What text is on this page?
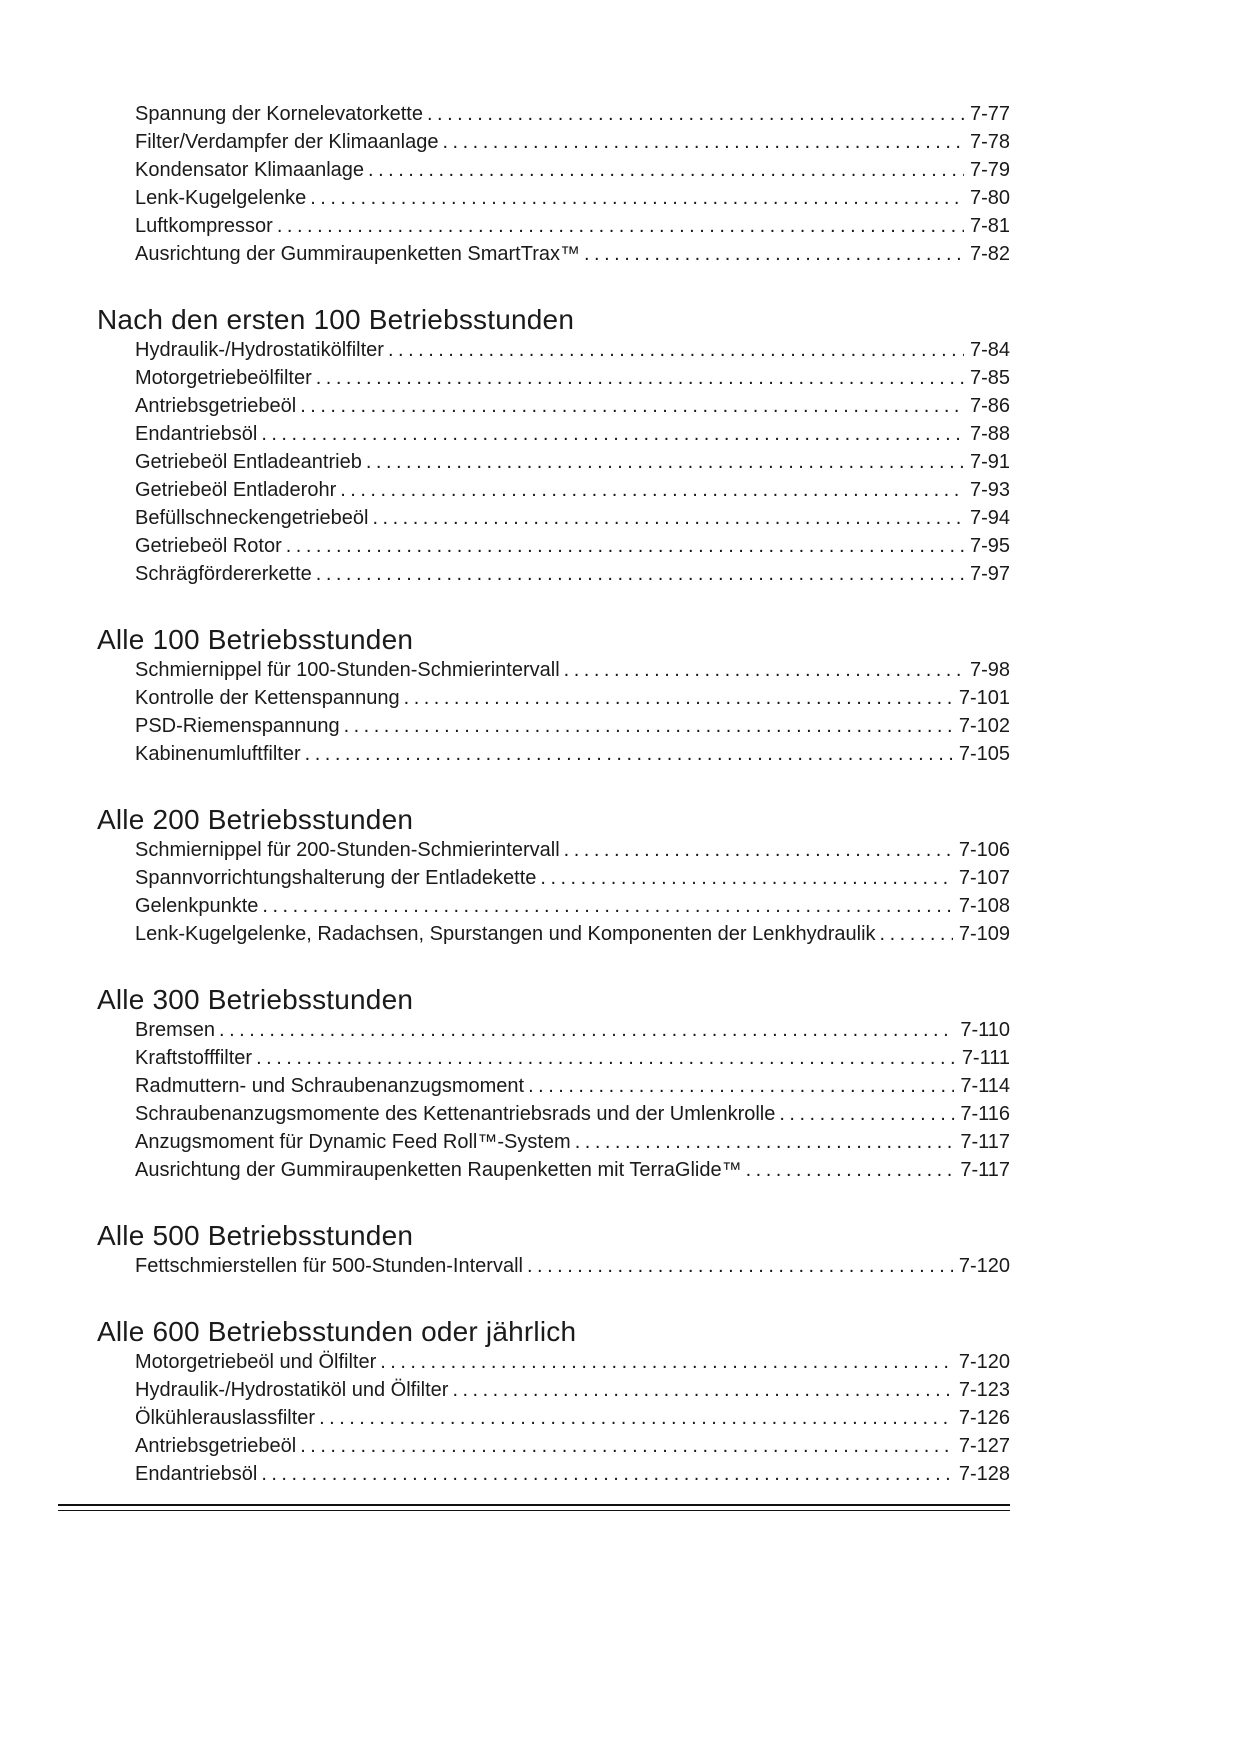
Spannung der Kornelevatorkette .....	7-77
Filter/Verdampfer der Klimaanlage .....	7-78
Kondensator Klimaanlage .....	7-79
Lenk-Kugelgelenke .....	7-80
Luftkompressor .....	7-81
Ausrichtung der Gummiraupenketten SmartTrax™ .....	7-82
Nach den ersten 100 Betriebsstunden
Hydraulik-/Hydrostatikölfilter .....	7-84
Motorgetriebeölfilter .....	7-85
Antriebsgetriebeöl .....	7-86
Endantriebsöl .....	7-88
Getriebeöl Entladeantrieb .....	7-91
Getriebeöl Entladerohr .....	7-93
Befüllschneckengetriebeöl .....	7-94
Getriebeöl Rotor .....	7-95
Schrägfördererkette .....	7-97
Alle 100 Betriebsstunden
Schmiernippel für 100-Stunden-Schmierintervall .....	7-98
Kontrolle der Kettenspannung .....	7-101
PSD-Riemenspannung .....	7-102
Kabinenumluftfilter .....	7-105
Alle 200 Betriebsstunden
Schmiernippel für 200-Stunden-Schmierintervall .....	7-106
Spannvorrichtungshalterung der Entladekette .....	7-107
Gelenkpunkte .....	7-108
Lenk-Kugelgelenke, Radachsen, Spurstangen und Komponenten der Lenkhydraulik .....	7-109
Alle 300 Betriebsstunden
Bremsen .....	7-110
Kraftstofffilter .....	7-111
Radmuttern- und Schraubenanzugsmoment .....	7-114
Schraubenanzugsmomente des Kettenantriebsrads und der Umlenkrolle .....	7-116
Anzugsmoment für Dynamic Feed Roll™-System .....	7-117
Ausrichtung der Gummiraupenketten Raupenketten mit TerraGlide™ .....	7-117
Alle 500 Betriebsstunden
Fettschmierstellen für 500-Stunden-Intervall .....	7-120
Alle 600 Betriebsstunden oder jährlich
Motorgetriebeöl und Ölfilter .....	7-120
Hydraulik-/Hydrostatiköl und Ölfilter .....	7-123
Ölkühlerauslassfilter .....	7-126
Antriebsgetriebeöl .....	7-127
Endantriebsöl .....	7-128
